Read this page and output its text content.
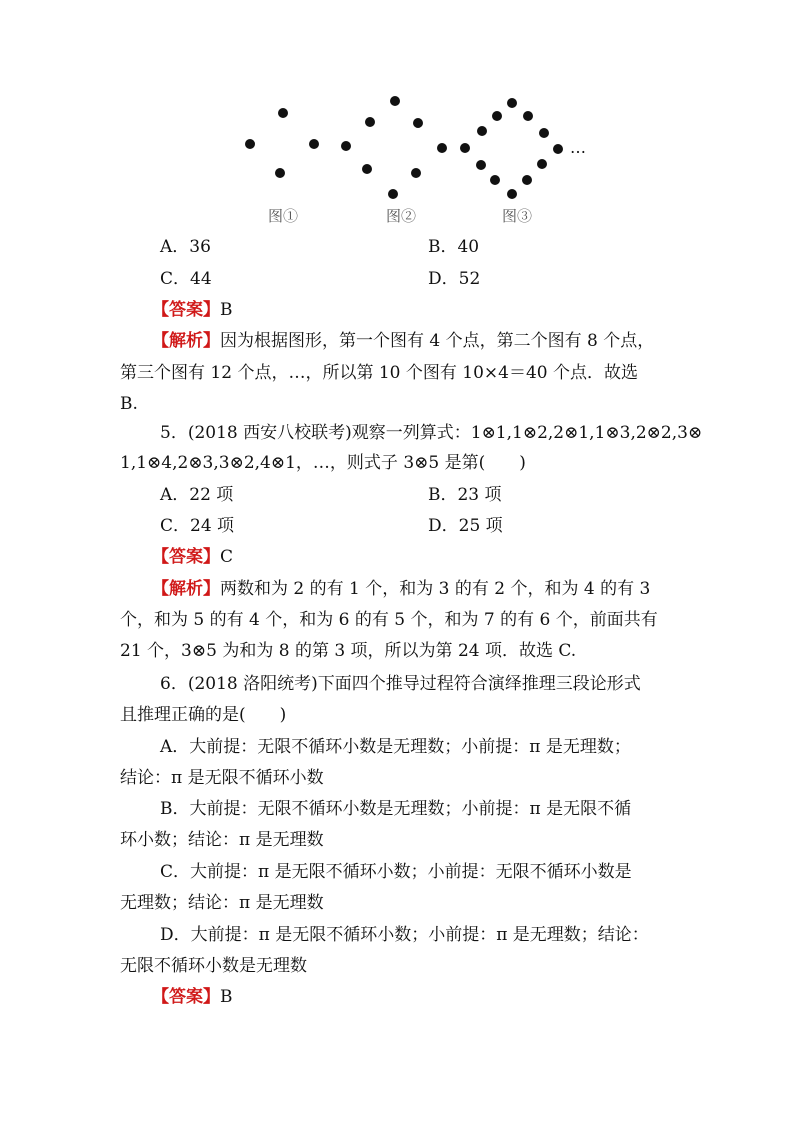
…
图①	图②	图③
A．36	B．40
C．44	D．52
【答案】B
【解析】因为根据图形，第一个图有 4 个点，第二个图有 8 个点，
第三个图有 12 个点，…，所以第 10 个图有 10×4＝40 个点．故选
B.
5．(2018 西安八校联考)观察一列算式：1⊗1,1⊗2,2⊗1,1⊗3,2⊗2,3⊗
1,1⊗4,2⊗3,3⊗2,4⊗1，…，则式子 3⊗5 是第(　　)
A．22 项	B．23 项
C．24 项	D．25 项
【答案】C
【解析】两数和为 2 的有 1 个，和为 3 的有 2 个，和为 4 的有 3
个，和为 5 的有 4 个，和为 6 的有 5 个，和为 7 的有 6 个，前面共有
21 个，3⊗5 为和为 8 的第 3 项，所以为第 24 项．故选 C.
6．(2018 洛阳统考)下面四个推导过程符合演绎推理三段论形式
且推理正确的是(　　)
A．大前提：无限不循环小数是无理数；小前提：π 是无理数；
结论：π 是无限不循环小数
B．大前提：无限不循环小数是无理数；小前提：π 是无限不循
环小数；结论：π 是无理数
C．大前提：π 是无限不循环小数；小前提：无限不循环小数是
无理数；结论：π 是无理数
D．大前提：π 是无限不循环小数；小前提：π 是无理数；结论：
无限不循环小数是无理数
【答案】B
